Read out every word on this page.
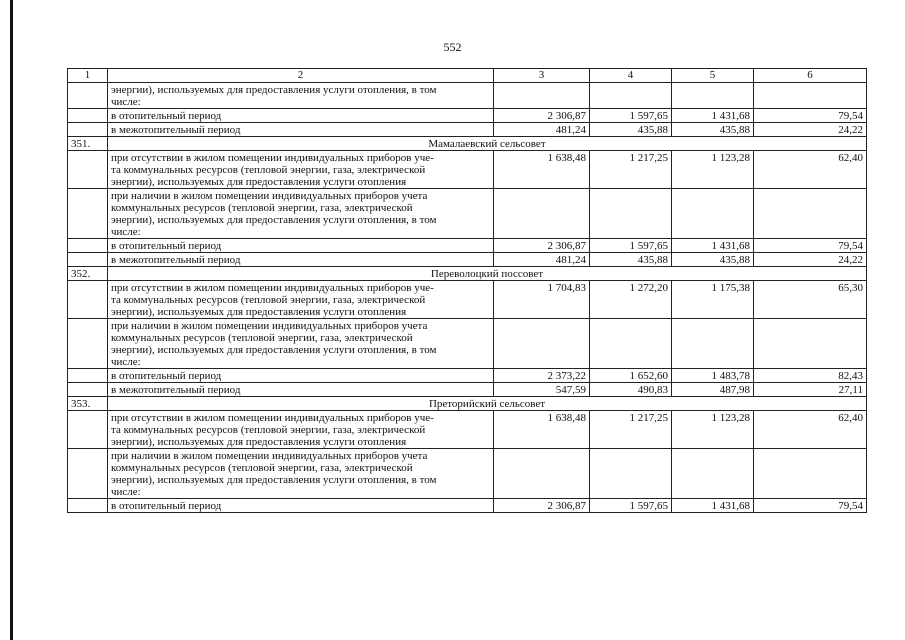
552
1	2	3	4	5	6
	энергии), используемых для предоставления услуги отопления, в том
числе:				
	в отопительный период	2 306,87	1 597,65	1 431,68	79,54
	в межотопительный период	481,24	435,88	435,88	24,22
351.	Мамалаевский сельсовет				
	при отсутствии в жилом помещении индивидуальных приборов уче-
та коммунальных ресурсов (тепловой энергии, газа, электрической
энергии), используемых для предоставления услуги отопления	1 638,48	1 217,25	1 123,28	62,40
	при наличии в жилом помещении индивидуальных приборов учета
коммунальных ресурсов (тепловой энергии, газа, электрической
энергии), используемых для предоставления услуги отопления, в том
числе:				
	в отопительный период	2 306,87	1 597,65	1 431,68	79,54
	в межотопительный период	481,24	435,88	435,88	24,22
352.	Переволоцкий поссовет				
	при отсутствии в жилом помещении индивидуальных приборов уче-
та коммунальных ресурсов (тепловой энергии, газа, электрической
энергии), используемых для предоставления услуги отопления	1 704,83	1 272,20	1 175,38	65,30
	при наличии в жилом помещении индивидуальных приборов учета
коммунальных ресурсов (тепловой энергии, газа, электрической
энергии), используемых для предоставления услуги отопления, в том
числе:				
	в отопительный период	2 373,22	1 652,60	1 483,78	82,43
	в межотопительный период	547,59	490,83	487,98	27,11
353.	Преторийский сельсовет				
	при отсутствии в жилом помещении индивидуальных приборов уче-
та коммунальных ресурсов (тепловой энергии, газа, электрической
энергии), используемых для предоставления услуги отопления	1 638,48	1 217,25	1 123,28	62,40
	при наличии в жилом помещении индивидуальных приборов учета
коммунальных ресурсов (тепловой энергии, газа, электрической
энергии), используемых для предоставления услуги отопления, в том
числе:				
	в отопительный период	2 306,87	1 597,65	1 431,68	79,54
